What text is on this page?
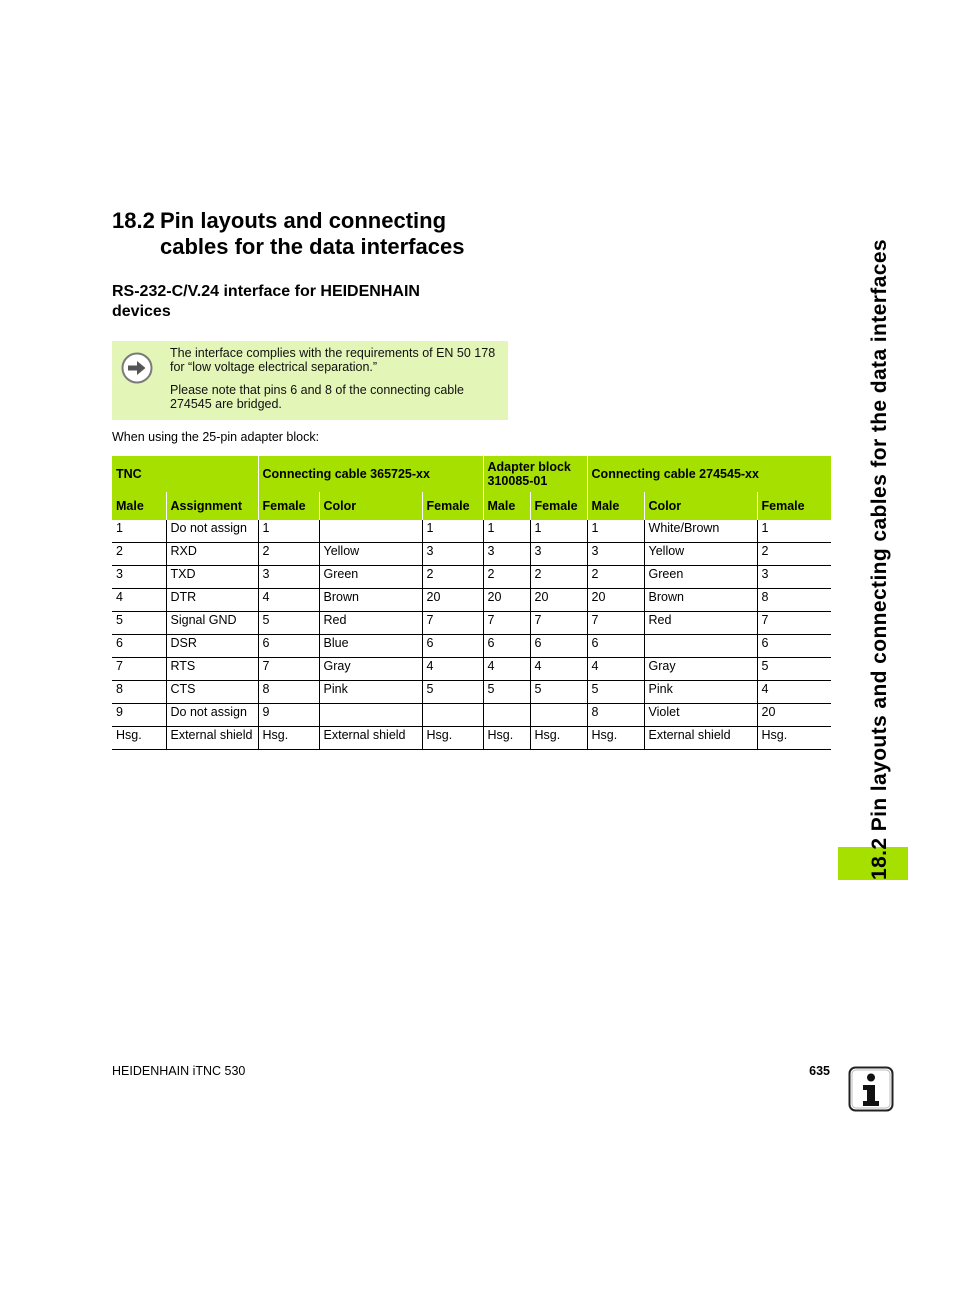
18.2 Pin layouts and connecting
cables for the data interfaces
RS-232-C/V.24 interface for HEIDENHAIN devices

The interface complies with the requirements of EN 50 178 for “low voltage electrical separation.”

Please note that pins 6 and 8 of the connecting cable 274545 are bridged.

When using the 25-pin adapter block:

TNC		Connecting cable 365725-xx			Adapter block 310085-01		Connecting cable 274545-xx		
Male	Assignment	Female	Color	Female	Male	Female	Male	Color	Female
1	Do not assign	1		1	1	1	1	White/Brown	1
2	RXD	2	Yellow	3	3	3	3	Yellow	2
3	TXD	3	Green	2	2	2	2	Green	3
4	DTR	4	Brown	20	20	20	20	Brown	8
5	Signal GND	5	Red	7	7	7	7	Red	7
6	DSR	6	Blue	6	6	6	6		6
7	RTS	7	Gray	4	4	4	4	Gray	5
8	CTS	8	Pink	5	5	5	5	Pink	4
9	Do not assign	9					8	Violet	20
Hsg.	External shield	Hsg.	External shield	Hsg.	Hsg.	Hsg.	Hsg.	External shield	Hsg.	18.2 Pin layouts and connecting cables for the data interfaces
HEIDENHAIN iTNC 530	635
